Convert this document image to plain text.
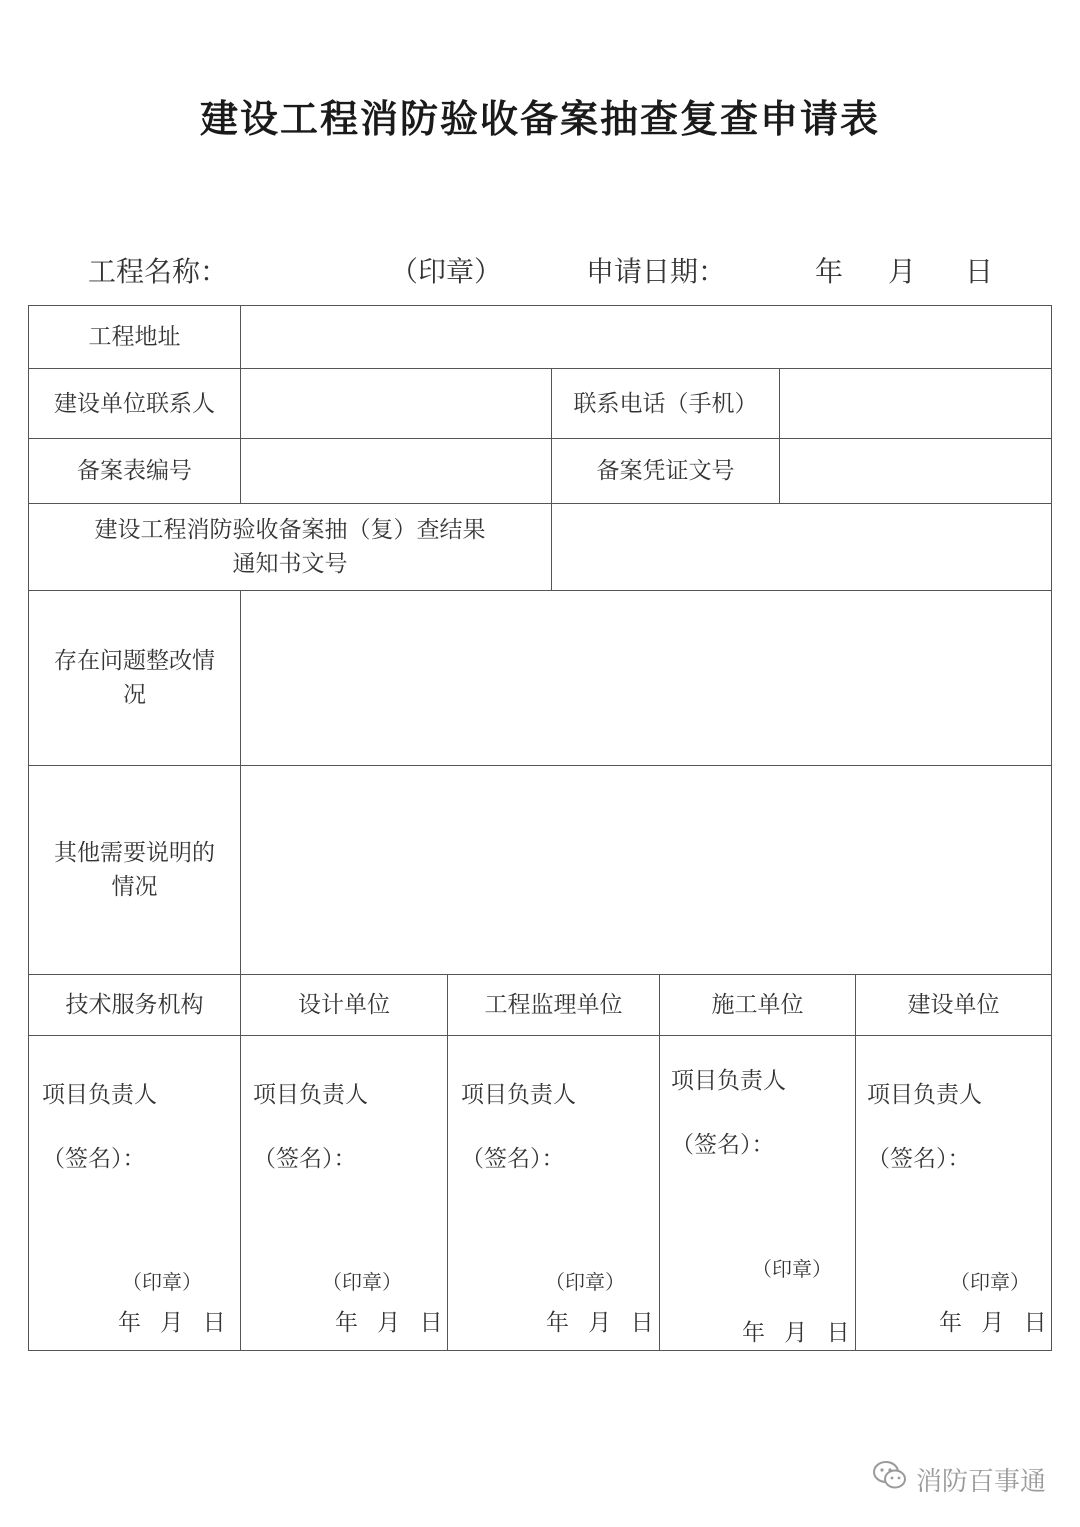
建设工程消防验收备案抽查复查申请表
工程名称：	（印章）	申请日期：	年 月 日
工程地址
建设单位联系人	联系电话（手机）
备案表编号	备案凭证文号
建设工程消防验收备案抽（复）查结果
通知书文号
存在问题整改情
况
其他需要说明的
情况
技术服务机构	设计单位	工程监理单位	施工单位	建设单位
项目负责人
（签名）：
（印章）
年 月 日
项目负责人
（签名）：
（印章）
年 月 日
项目负责人
（签名）：
（印章）
年 月 日
项目负责人
（签名）：
（印章）
年 月 日
项目负责人
（签名）：
（印章）
年 月 日
消防百事通
